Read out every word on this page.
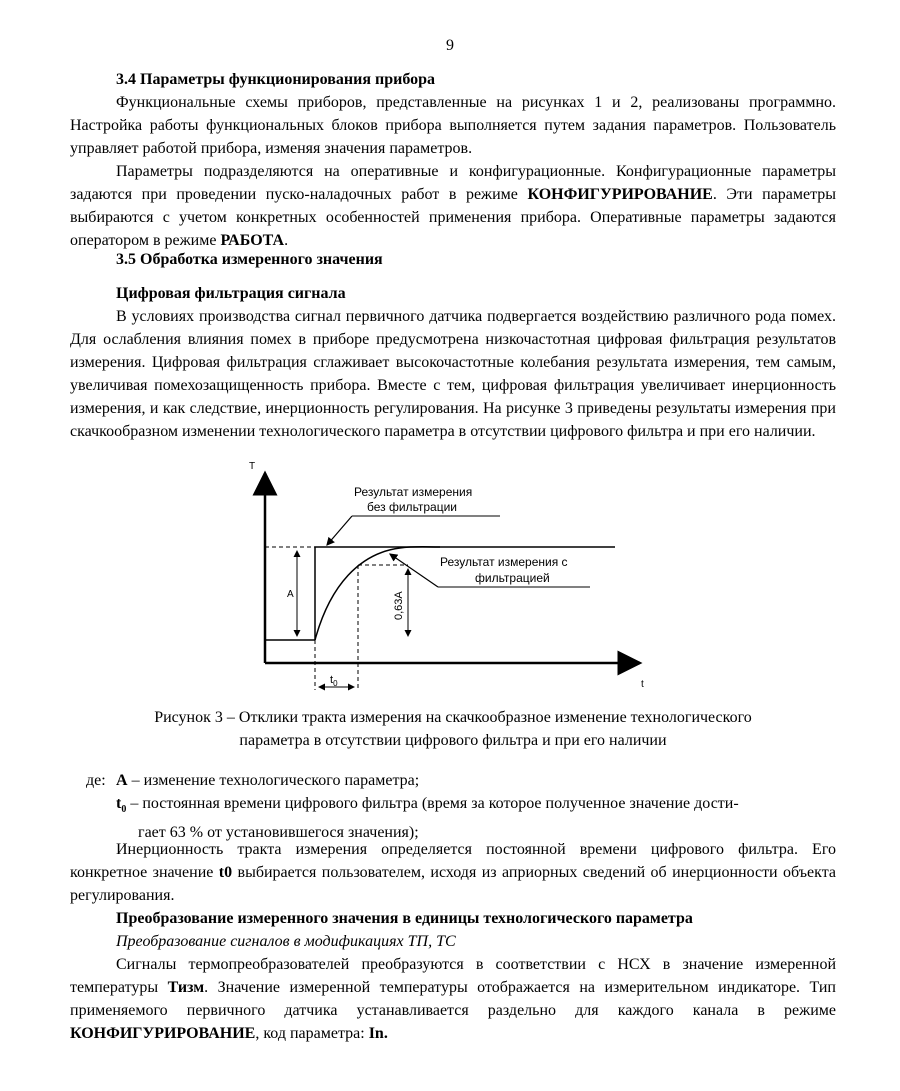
9

3.4 Параметры функционирования прибора

Функциональные схемы приборов, представленные на рисунках 1 и 2, реализованы программно. Настройка работы функциональных блоков прибора выполняется путем задания параметров. Пользователь управляет работой прибора, изменяя значения параметров.

Параметры подразделяются на оперативные и конфигурационные. Конфигурационные параметры задаются при проведении пуско-наладочных работ в режиме КОНФИГУРИРОВАНИЕ. Эти параметры выбираются с учетом конкретных особенностей применения прибора. Оперативные параметры задаются оператором в режиме РАБОТА.

3.5 Обработка измеренного значения

Цифровая фильтрация сигнала

В условиях производства сигнал первичного датчика подвергается воздействию различного рода помех. Для ослабления влияния помех в приборе предусмотрена низкочастотная цифровая фильтрация результатов измерения. Цифровая фильтрация сглаживает высокочастотные колебания результата измерения, тем самым, увеличивая помехозащищенность прибора. Вместе с тем, цифровая фильтрация увеличивает инерционность измерения, и как следствие, инерционность регулирования. На рисунке 3 приведены результаты измерения при скачкообразном изменении технологического параметра в отсутствии цифрового фильтра и при его наличии.

T
t
A	0,63A
$t_0$
Результат измерения
без фильтрации
Результат измерения с
фильтрацией
Рисунок 3 – Отклики тракта измерения на скачкообразное изменение технологического
параметра в отсутствии цифрового фильтра и при его наличии
де: A – изменение технологического параметра;
$t_0$ – постоянная времени цифрового фильтра (время за которое полученное значение дости-
гает 63 % от установившегося значения);

Инерционность тракта измерения определяется постоянной времени цифрового фильтра. Его конкретное значение t0 выбирается пользователем, исходя из априорных сведений об инерционности объекта регулирования.

Преобразование измеренного значения в единицы технологического параметра

Преобразование сигналов в модификациях ТП, ТС

Сигналы термопреобразователей преобразуются в соответствии с НСХ в значение измеренной температуры Тизм. Значение измеренной температуры отображается на измерительном индикаторе. Тип применяемого первичного датчика устанавливается раздельно для каждого канала в режиме КОНФИГУРИРОВАНИЕ, код параметра: In.
